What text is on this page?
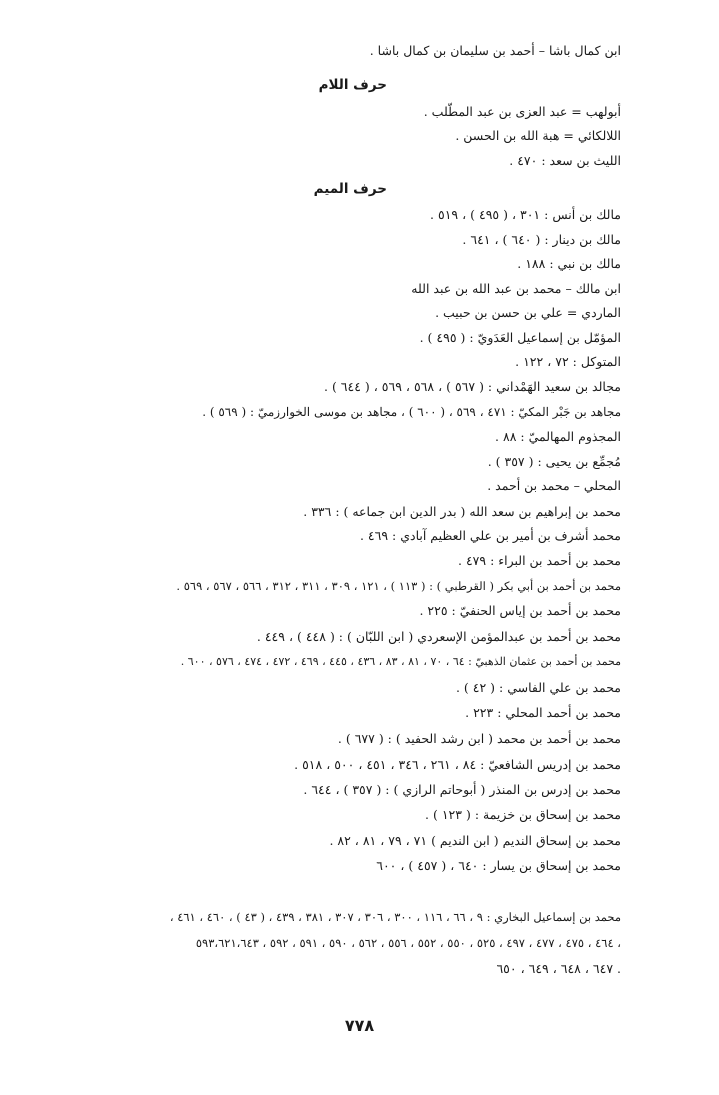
ابن كمال باشا – أحمد بن سليمان بن كمال باشا .
حرف اللام
أبولهب = عبد العزى بن عبد المطّلب .
اللالكائي = هبة الله بن الحسن .
الليث بن سعد : ٤٧٠ .
حرف الميم
مالك بن أنس : ٣٠١ ، ( ٤٩٥ ) ، ٥١٩ .
مالك بن دينار : ( ٦٤٠ ) ، ٦٤١ .
مالك بن نبي : ١٨٨ .
ابن مالك – محمد بن عبد الله بن عبد الله
الماردي = علي بن حسن بن حبيب .
المؤمّل بن إسماعيل العَدَويّ : ( ٤٩٥ ) .
المتوكل : ٧٢ ، ١٢٢ .
مجالد بن سعيد الهَمْداني : ( ٥٦٧ ) ، ٥٦٨ ، ٥٦٩ ، ( ٦٤٤ ) .
مجاهد بن جَبْر المكيّ : ٤٧١ ، ٥٦٩ ، ( ٦٠٠ ) ، مجاهد بن موسى الخوارزميّ : ( ٥٦٩ ) .
المجذوم المهالميّ : ٨٨ .
مُجمِّع بن يحيى : ( ٣٥٧ ) .
المحلي – محمد بن أحمد .
محمد بن إبراهيم بن سعد الله ( بدر الدين ابن جماعه ) : ٣٣٦ .
محمد أشرف بن أمير بن علي العظيم آبادي : ٤٦٩ .
محمد بن أحمد بن البراء : ٤٧٩ .
محمد بن أحمد بن أبي بكر ( القرطبي ) : ( ١١٣ ) ، ١٢١ ، ٣٠٩ ، ٣١١ ، ٣١٢ ، ٥٦٦ ، ٥٦٧ ، ٥٦٩ .
محمد بن أحمد بن إياس الحنفيّ : ٢٢٥ .
محمد بن أحمد بن عبدالمؤمن الإسعردي ( ابن اللبّان ) : ( ٤٤٨ ) ، ٤٤٩ .
محمد بن أحمد بن عثمان الذهبيّ : ٦٤ ، ٧٠ ، ٨١ ، ٨٣ ، ٤٣٦ ، ٤٤٥ ، ٤٦٩ ، ٤٧٢ ، ٤٧٤ ، ٥٧٦ ، ٦٠٠ .
محمد بن علي الفاسي : ( ٤٢ ) .
محمد بن أحمد المحلي : ٢٢٣ .
محمد بن أحمد بن محمد ( ابن رشد الحفيد ) : ( ٦٧٧ ) .
محمد بن إدريس الشافعيّ : ٨٤ ، ٢٦١ ، ٣٤٦ ، ٤٥١ ، ٥٠٠ ، ٥١٨ .
محمد بن إدرس بن المنذر ( أبوحاتم الرازي ) : ( ٣٥٧ ) ، ٦٤٤ .
محمد بن إسحاق بن خزيمة : ( ١٢٣ ) .
محمد بن إسحاق النديم ( ابن النديم ) ٧١ ، ٧٩ ، ٨١ ، ٨٢ .
محمد بن إسحاق بن يسار : ٦٤٠ ، ( ٤٥٧ ) ، ٦٠٠
محمد بن إسماعيل البخاري : ٩ ، ٦٦ ، ١١٦ ، ٣٠٠ ، ٣٠٦ ، ٣٠٧ ، ٣٨١ ، ٤٣٩ ، ( ٤٣ ) ، ٤٦٠ ، ٤٦١ ،
٤٦٤ ، ٤٧٥ ، ٤٧٧ ، ٤٩٧ ، ٥٢٥ ، ٥٥٠ ، ٥٥٢ ، ٥٥٦ ، ٥٦٢ ، ٥٩٠ ، ٥٩١ ، ٥٩٢ ، ٥٩٣،٦٢١،٦٤٣ ،
٦٤٧ ، ٦٤٨ ، ٦٤٩ ، ٦٥٠ .
٧٧٨
